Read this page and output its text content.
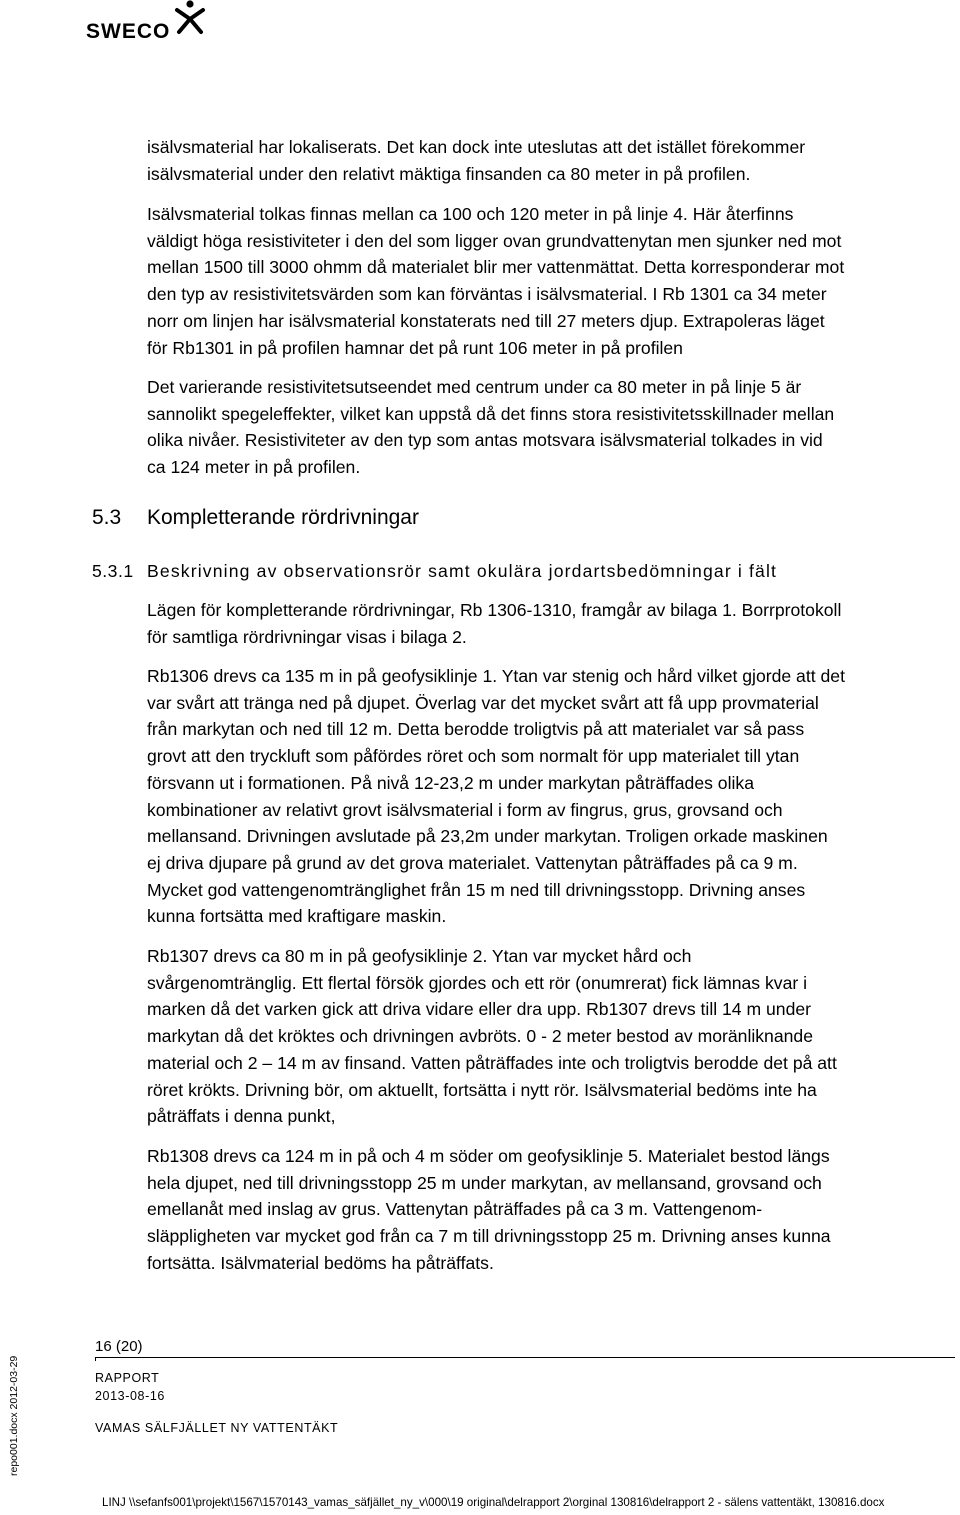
SWECO

isälvsmaterial har lokaliserats. Det kan dock inte uteslutas att det istället förekommer

isälvsmaterial under den relativt mäktiga finsanden ca 80 meter in på profilen.

Isälvsmaterial tolkas finnas mellan ca 100 och 120 meter in på linje 4. Här återfinns

väldigt höga resistiviteter i den del som ligger ovan grundvattenytan men sjunker ned mot

mellan 1500 till 3000 ohmm då materialet blir mer vattenmättat. Detta korresponderar mot

den typ av resistivitetsvärden som kan förväntas i isälvsmaterial. I Rb 1301 ca 34 meter

norr om linjen har isälvsmaterial konstaterats ned till 27 meters djup. Extrapoleras läget

för Rb1301 in på profilen hamnar det på runt 106 meter in på profilen

Det varierande resistivitetsutseendet med centrum under ca 80 meter in på linje 5 är

sannolikt spegeleffekter, vilket kan uppstå då det finns stora resistivitetsskillnader mellan

olika nivåer. Resistiviteter av den typ som antas motsvara isälvsmaterial tolkades in vid

ca 124 meter in på profilen.

5.3 Kompletterande rördrivningar
5.3.1 Beskrivning av observationsrör samt okulära jordartsbedömningar i fält

Lägen för kompletterande rördrivningar, Rb 1306-1310, framgår av bilaga 1. Borrprotokoll

för samtliga rördrivningar visas i bilaga 2.

Rb1306 drevs ca 135 m in på geofysiklinje 1. Ytan var stenig och hård vilket gjorde att det

var svårt att tränga ned på djupet. Överlag var det mycket svårt att få upp provmaterial

från markytan och ned till 12 m. Detta berodde troligtvis på att materialet var så pass

grovt att den tryckluft som påfördes röret och som normalt för upp materialet till ytan

försvann ut i formationen. På nivå 12-23,2 m under markytan påträffades olika

kombinationer av relativt grovt isälvsmaterial i form av fingrus, grus, grovsand och

mellansand. Drivningen avslutade på 23,2m under markytan. Troligen orkade maskinen

ej driva djupare på grund av det grova materialet. Vattenytan påträffades på ca 9 m.

Mycket god vattengenomtränglighet från 15 m ned till drivningsstopp. Drivning anses

kunna fortsätta med kraftigare maskin.

Rb1307 drevs ca 80 m in på geofysiklinje 2. Ytan var mycket hård och

svårgenomtränglig. Ett flertal försök gjordes och ett rör (onumrerat) fick lämnas kvar i

marken då det varken gick att driva vidare eller dra upp. Rb1307 drevs till 14 m under

markytan då det kröktes och drivningen avbröts. 0 - 2 meter bestod av moränliknande

material och 2 – 14 m av finsand. Vatten påträffades inte och troligtvis berodde det på att

röret krökts. Drivning bör, om aktuellt, fortsätta i nytt rör. Isälvsmaterial bedöms inte ha

påträffats i denna punkt,

Rb1308 drevs ca 124 m in på och 4 m söder om geofysiklinje 5. Materialet bestod längs

hela djupet, ned till drivningsstopp 25 m under markytan, av mellansand, grovsand och

emellanåt med inslag av grus. Vattenytan påträffades på ca 3 m. Vattengenom-

släppligheten var mycket god från ca 7 m till drivningsstopp 25 m. Drivning anses kunna

fortsätta. Isälvmaterial bedöms ha påträffats.

repo001.docx 2012-03-29
16 (20)
RAPPORT
2013-08-16
VAMAS SÄLFJÄLLET NY VATTENTÄKT
LINJ \\sefanfs001\projekt\1567\1570143_vamas_säfjället_ny_v\000\19 original\delrapport 2\orginal 130816\delrapport 2 - sälens vattentäkt, 130816.docx
